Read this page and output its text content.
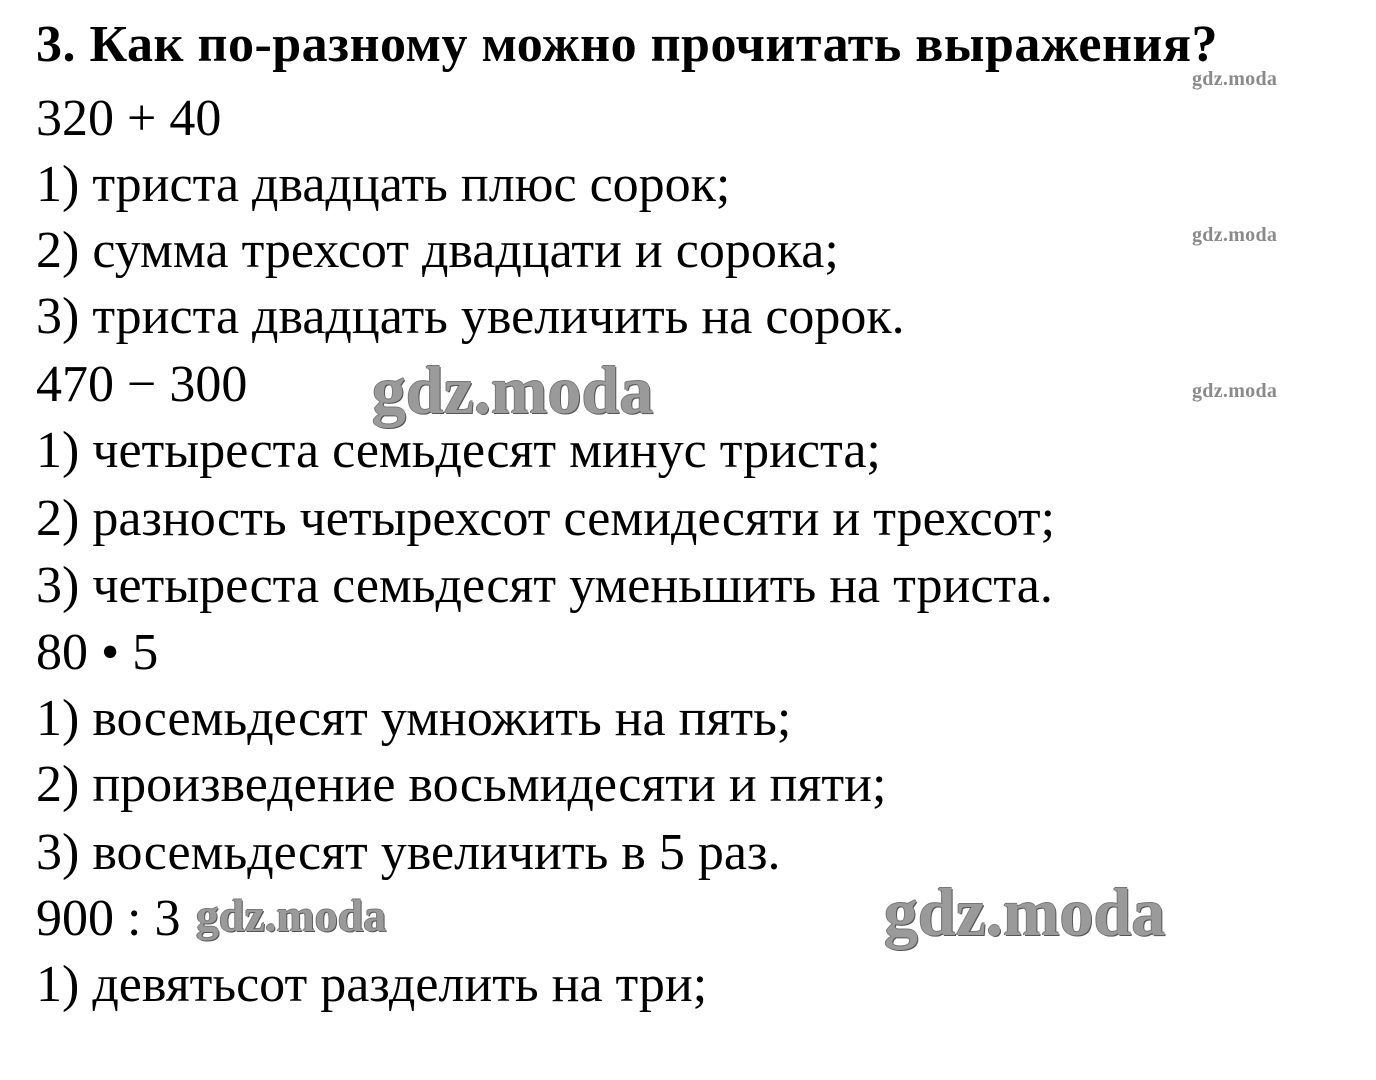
3. Как по-разному можно прочитать выражения?
320 + 40
1) триста двадцать плюс сорок;
2) сумма трехсот двадцати и сорока;
3) триста двадцать увеличить на сорок.
470 − 300
1) четыреста семьдесят минус триста;
2) разность четырехсот семидесяти и трехсот;
3) четыреста семьдесят уменьшить на триста.
80 • 5
1) восемьдесят умножить на пять;
2) произведение восьмидесяти и пяти;
3) восемьдесят увеличить в 5 раз.
900 : 3
1) девятьсот разделить на три;
gdz.moda
gdz.moda
gdz.moda
gdz.moda
gdz.moda	gdz.moda
